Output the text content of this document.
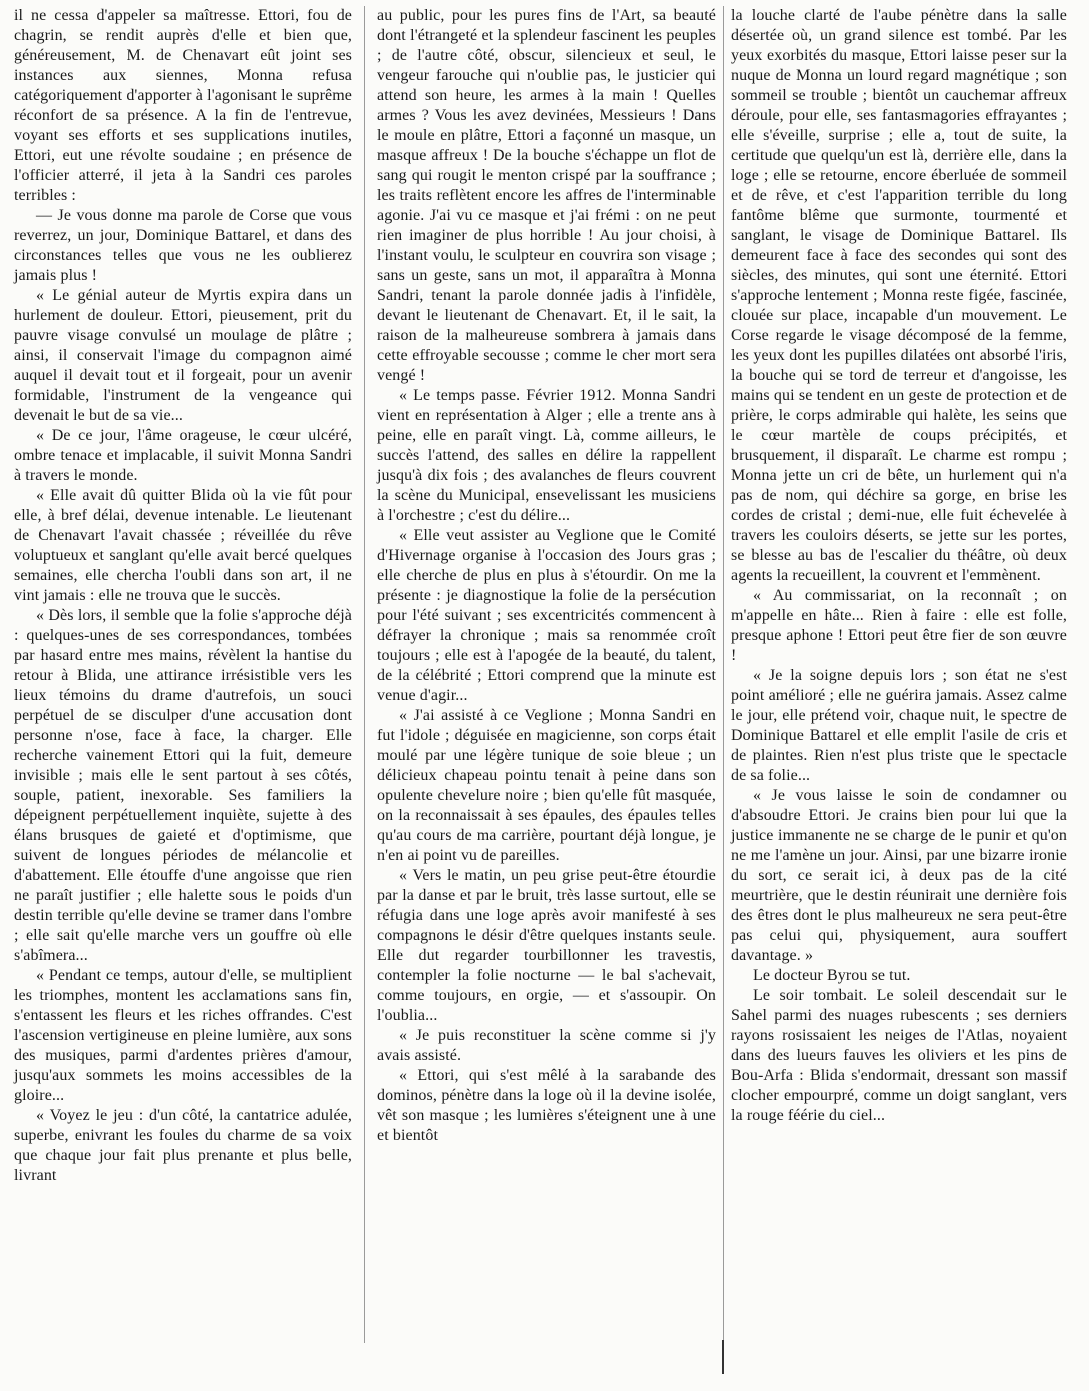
il ne cessa d'appeler sa maîtresse. Ettori, fou de chagrin, se rendit auprès d'elle et bien que, généreusement, M. de Chenavart eût joint ses instances aux siennes, Monna refusa catégoriquement d'apporter à l'agonisant le suprême réconfort de sa présence. A la fin de l'entrevue, voyant ses efforts et ses supplications inutiles, Ettori, eut une révolte soudaine ; en présence de l'officier atterré, il jeta à la Sandri ces paroles terribles :

— Je vous donne ma parole de Corse que vous reverrez, un jour, Dominique Battarel, et dans des circonstances telles que vous ne les oublierez jamais plus !

« Le génial auteur de Myrtis expira dans un hurlement de douleur. Ettori, pieusement, prit du pauvre visage convulsé un moulage de plâtre ; ainsi, il conservait l'image du compagnon aimé auquel il devait tout et il forgeait, pour un avenir formidable, l'instrument de la vengeance qui devenait le but de sa vie...

« De ce jour, l'âme orageuse, le cœur ulcéré, ombre tenace et implacable, il suivit Monna Sandri à travers le monde.

« Elle avait dû quitter Blida où la vie fût pour elle, à bref délai, devenue intenable. Le lieutenant de Chenavart l'avait chassée ; réveillée du rêve voluptueux et sanglant qu'elle avait bercé quelques semaines, elle chercha l'oubli dans son art, il ne vint jamais : elle ne trouva que le succès.

« Dès lors, il semble que la folie s'approche déjà : quelques-unes de ses correspondances, tombées par hasard entre mes mains, révèlent la hantise du retour à Blida, une attirance irrésistible vers les lieux témoins du drame d'autrefois, un souci perpétuel de se disculper d'une accusation dont personne n'ose, face à face, la charger. Elle recherche vainement Ettori qui la fuit, demeure invisible ; mais elle le sent partout à ses côtés, souple, patient, inexorable. Ses familiers la dépeignent perpétuellement inquiète, sujette à des élans brusques de gaieté et d'optimisme, que suivent de longues périodes de mélancolie et d'abattement. Elle étouffe d'une angoisse que rien ne paraît justifier ; elle halette sous le poids d'un destin terrible qu'elle devine se tramer dans l'ombre ; elle sait qu'elle marche vers un gouffre où elle s'abîmera...

« Pendant ce temps, autour d'elle, se multiplient les triomphes, montent les acclamations sans fin, s'entassent les fleurs et les riches offrandes. C'est l'ascension vertigineuse en pleine lumière, aux sons des musiques, parmi d'ardentes prières d'amour, jusqu'aux sommets les moins accessibles de la gloire...

« Voyez le jeu : d'un côté, la cantatrice adulée, superbe, enivrant les foules du charme de sa voix que chaque jour fait plus prenante et plus belle, livrant

au public, pour les pures fins de l'Art, sa beauté dont l'étrangeté et la splendeur fascinent les peuples ; de l'autre côté, obscur, silencieux et seul, le vengeur farouche qui n'oublie pas, le justicier qui attend son heure, les armes à la main ! Quelles armes ? Vous les avez devinées, Messieurs ! Dans le moule en plâtre, Ettori a façonné un masque, un masque affreux ! De la bouche s'échappe un flot de sang qui rougit le menton crispé par la souffrance ; les traits reflètent encore les affres de l'interminable agonie. J'ai vu ce masque et j'ai frémi : on ne peut rien imaginer de plus horrible ! Au jour choisi, à l'instant voulu, le sculpteur en couvrira son visage ; sans un geste, sans un mot, il apparaîtra à Monna Sandri, tenant la parole donnée jadis à l'infidèle, devant le lieutenant de Chenavart. Et, il le sait, la raison de la malheureuse sombrera à jamais dans cette effroyable secousse ; comme le cher mort sera vengé !

« Le temps passe. Février 1912. Monna Sandri vient en représentation à Alger ; elle a trente ans à peine, elle en paraît vingt. Là, comme ailleurs, le succès l'attend, des salles en délire la rappellent jusqu'à dix fois ; des avalanches de fleurs couvrent la scène du Municipal, ensevelissant les musiciens à l'orchestre ; c'est du délire...

« Elle veut assister au Veglione que le Comité d'Hivernage organise à l'occasion des Jours gras ; elle cherche de plus en plus à s'étourdir. On me la présente : je diagnostique la folie de la persécution pour l'été suivant ; ses excentricités commencent à défrayer la chronique ; mais sa renommée croît toujours ; elle est à l'apogée de la beauté, du talent, de la célébrité ; Ettori comprend que la minute est venue d'agir...

« J'ai assisté à ce Veglione ; Monna Sandri en fut l'idole ; déguisée en magicienne, son corps était moulé par une légère tunique de soie bleue ; un délicieux chapeau pointu tenait à peine dans son opulente chevelure noire ; bien qu'elle fût masquée, on la reconnaissait à ses épaules, des épaules telles qu'au cours de ma carrière, pourtant déjà longue, je n'en ai point vu de pareilles.

« Vers le matin, un peu grise peut-être étourdie par la danse et par le bruit, très lasse surtout, elle se réfugia dans une loge après avoir manifesté à ses compagnons le désir d'être quelques instants seule. Elle dut regarder tourbillonner les travestis, contempler la folie nocturne — le bal s'achevait, comme toujours, en orgie, — et s'assoupir. On l'oublia...

« Je puis reconstituer la scène comme si j'y avais assisté.

« Ettori, qui s'est mêlé à la sarabande des dominos, pénètre dans la loge où il la devine isolée, vêt son masque ; les lumières s'éteignent une à une et bientôt

la louche clarté de l'aube pénètre dans la salle désertée où, un grand silence est tombé. Par les yeux exorbités du masque, Ettori laisse peser sur la nuque de Monna un lourd regard magnétique ; son sommeil se trouble ; bientôt un cauchemar affreux déroule, pour elle, ses fantasmagories effrayantes ; elle s'éveille, surprise ; elle a, tout de suite, la certitude que quelqu'un est là, derrière elle, dans la loge ; elle se retourne, encore éberluée de sommeil et de rêve, et c'est l'apparition terrible du long fantôme blême que surmonte, tourmenté et sanglant, le visage de Dominique Battarel. Ils demeurent face à face des secondes qui sont des siècles, des minutes, qui sont une éternité. Ettori s'approche lentement ; Monna reste figée, fascinée, clouée sur place, incapable d'un mouvement. Le Corse regarde le visage décomposé de la femme, les yeux dont les pupilles dilatées ont absorbé l'iris, la bouche qui se tord de terreur et d'angoisse, les mains qui se tendent en un geste de protection et de prière, le corps admirable qui halète, les seins que le cœur martèle de coups précipités, et brusquement, il disparaît. Le charme est rompu ; Monna jette un cri de bête, un hurlement qui n'a pas de nom, qui déchire sa gorge, en brise les cordes de cristal ; demi-nue, elle fuit échevelée à travers les couloirs déserts, se jette sur les portes, se blesse au bas de l'escalier du théâtre, où deux agents la recueillent, la couvrent et l'emmènent.

« Au commissariat, on la reconnaît ; on m'appelle en hâte... Rien à faire : elle est folle, presque aphone ! Ettori peut être fier de son œuvre !

« Je la soigne depuis lors ; son état ne s'est point amélioré ; elle ne guérira jamais. Assez calme le jour, elle prétend voir, chaque nuit, le spectre de Dominique Battarel et elle emplit l'asile de cris et de plaintes. Rien n'est plus triste que le spectacle de sa folie...

« Je vous laisse le soin de condamner ou d'absoudre Ettori. Je crains bien pour lui que la justice immanente ne se charge de le punir et qu'on ne me l'amène un jour. Ainsi, par une bizarre ironie du sort, ce serait ici, à deux pas de la cité meurtrière, que le destin réunirait une dernière fois des êtres dont le plus malheureux ne sera peut-être pas celui qui, physiquement, aura souffert davantage. »

Le docteur Byrou se tut.

Le soir tombait. Le soleil descendait sur le Sahel parmi des nuages rubescents ; ses derniers rayons rosissaient les neiges de l'Atlas, noyaient dans des lueurs fauves les oliviers et les pins de Bou-Arfa : Blida s'endormait, dressant son massif clocher empourpré, comme un doigt sanglant, vers la rouge féérie du ciel...
